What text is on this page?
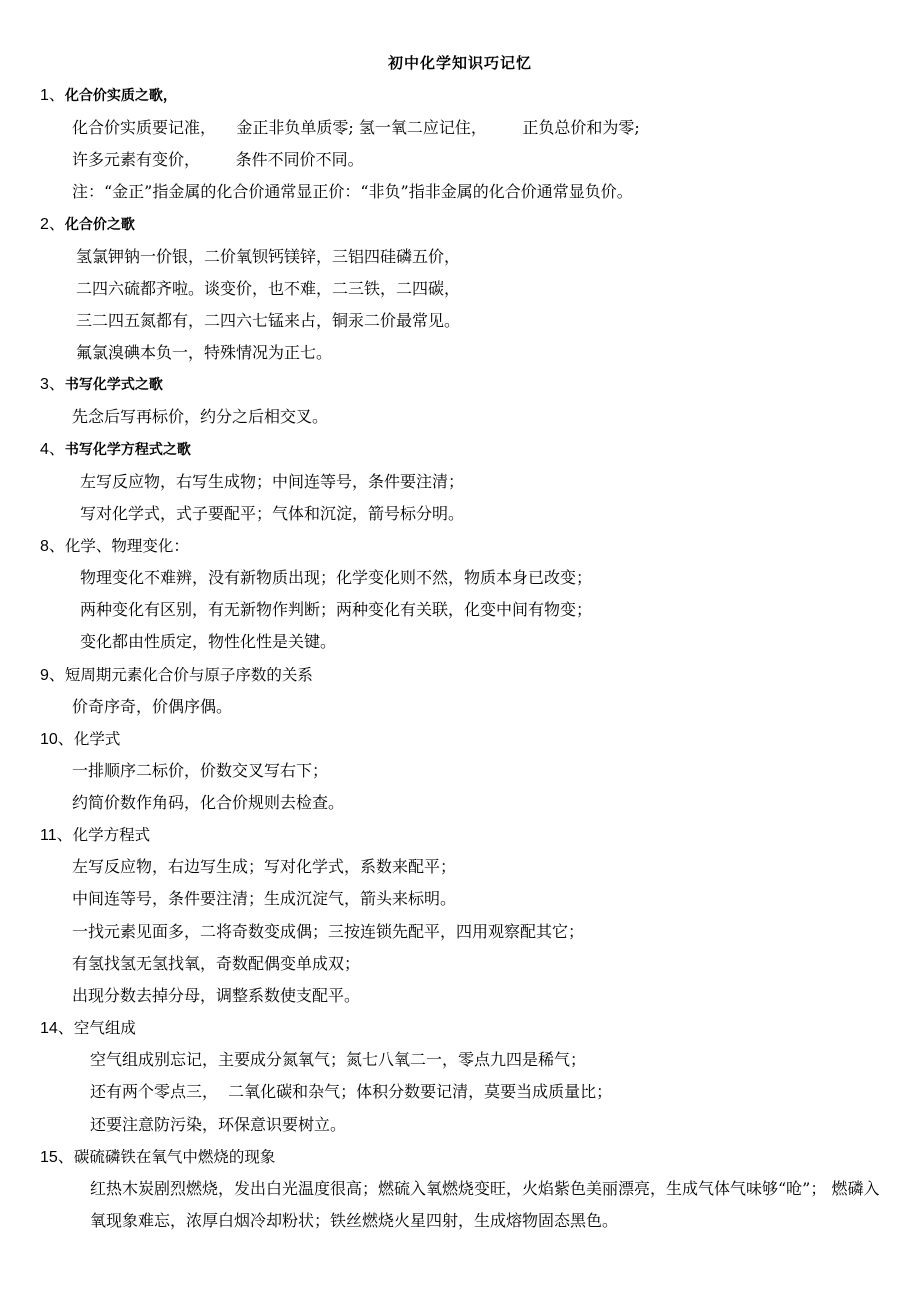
初中化学知识巧记忆
1、化合价实质之歌，
化合价实质要记准，    金正非负单质零; 氢一氧二应记住，       正负总价和为零;
许多元素有变价，       条件不同价不同。
注：“金正”指金属的化合价通常显正价：“非负”指非金属的化合价通常显负价。
2、化合价之歌
氢氯钾钠一价银，二价氧钡钙镁锌，三铝四硅磷五价，
二四六硫都齐啦。谈变价，也不难，二三铁，二四碳，
三二四五氮都有，二四六七锰来占，铜汞二价最常见。
氟氯溴碘本负一，特殊情况为正七。
3、书写化学式之歌
先念后写再标价，约分之后相交叉。
4、书写化学方程式之歌
左写反应物，右写生成物；中间连等号，条件要注清；
写对化学式，式子要配平；气体和沉淀，箭号标分明。
8、化学、物理变化：
物理变化不难辨，没有新物质出现；化学变化则不然，物质本身已改变；
两种变化有区别，有无新物作判断；两种变化有关联，化变中间有物变；
变化都由性质定，物性化性是关键。
9、短周期元素化合价与原子序数的关系
价奇序奇，价偶序偶。
10、化学式
一排顺序二标价，价数交叉写右下；
约简价数作角码，化合价规则去检查。
11、化学方程式
左写反应物，右边写生成；写对化学式，系数来配平；
中间连等号，条件要注清；生成沉淀气，箭头来标明。
一找元素见面多，二将奇数变成偶；三按连锁先配平，四用观察配其它；
有氢找氢无氢找氧，奇数配偶变单成双；
出现分数去掉分母，调整系数使支配平。
14、空气组成
空气组成别忘记，主要成分氮氧气；氮七八氧二一，零点九四是稀气；
还有两个零点三，  二氧化碳和杂气；体积分数要记清，莫要当成质量比；
还要注意防污染，环保意识要树立。
15、碳硫磷铁在氧气中燃烧的现象
红热木炭剧烈燃烧，发出白光温度很高；燃硫入氧燃烧变旺，火焰紫色美丽漂亮，生成气体气味够“呛”； 燃磷入氧现象难忘，浓厚白烟冷却粉状；铁丝燃烧火星四射，生成熔物固态黑色。
